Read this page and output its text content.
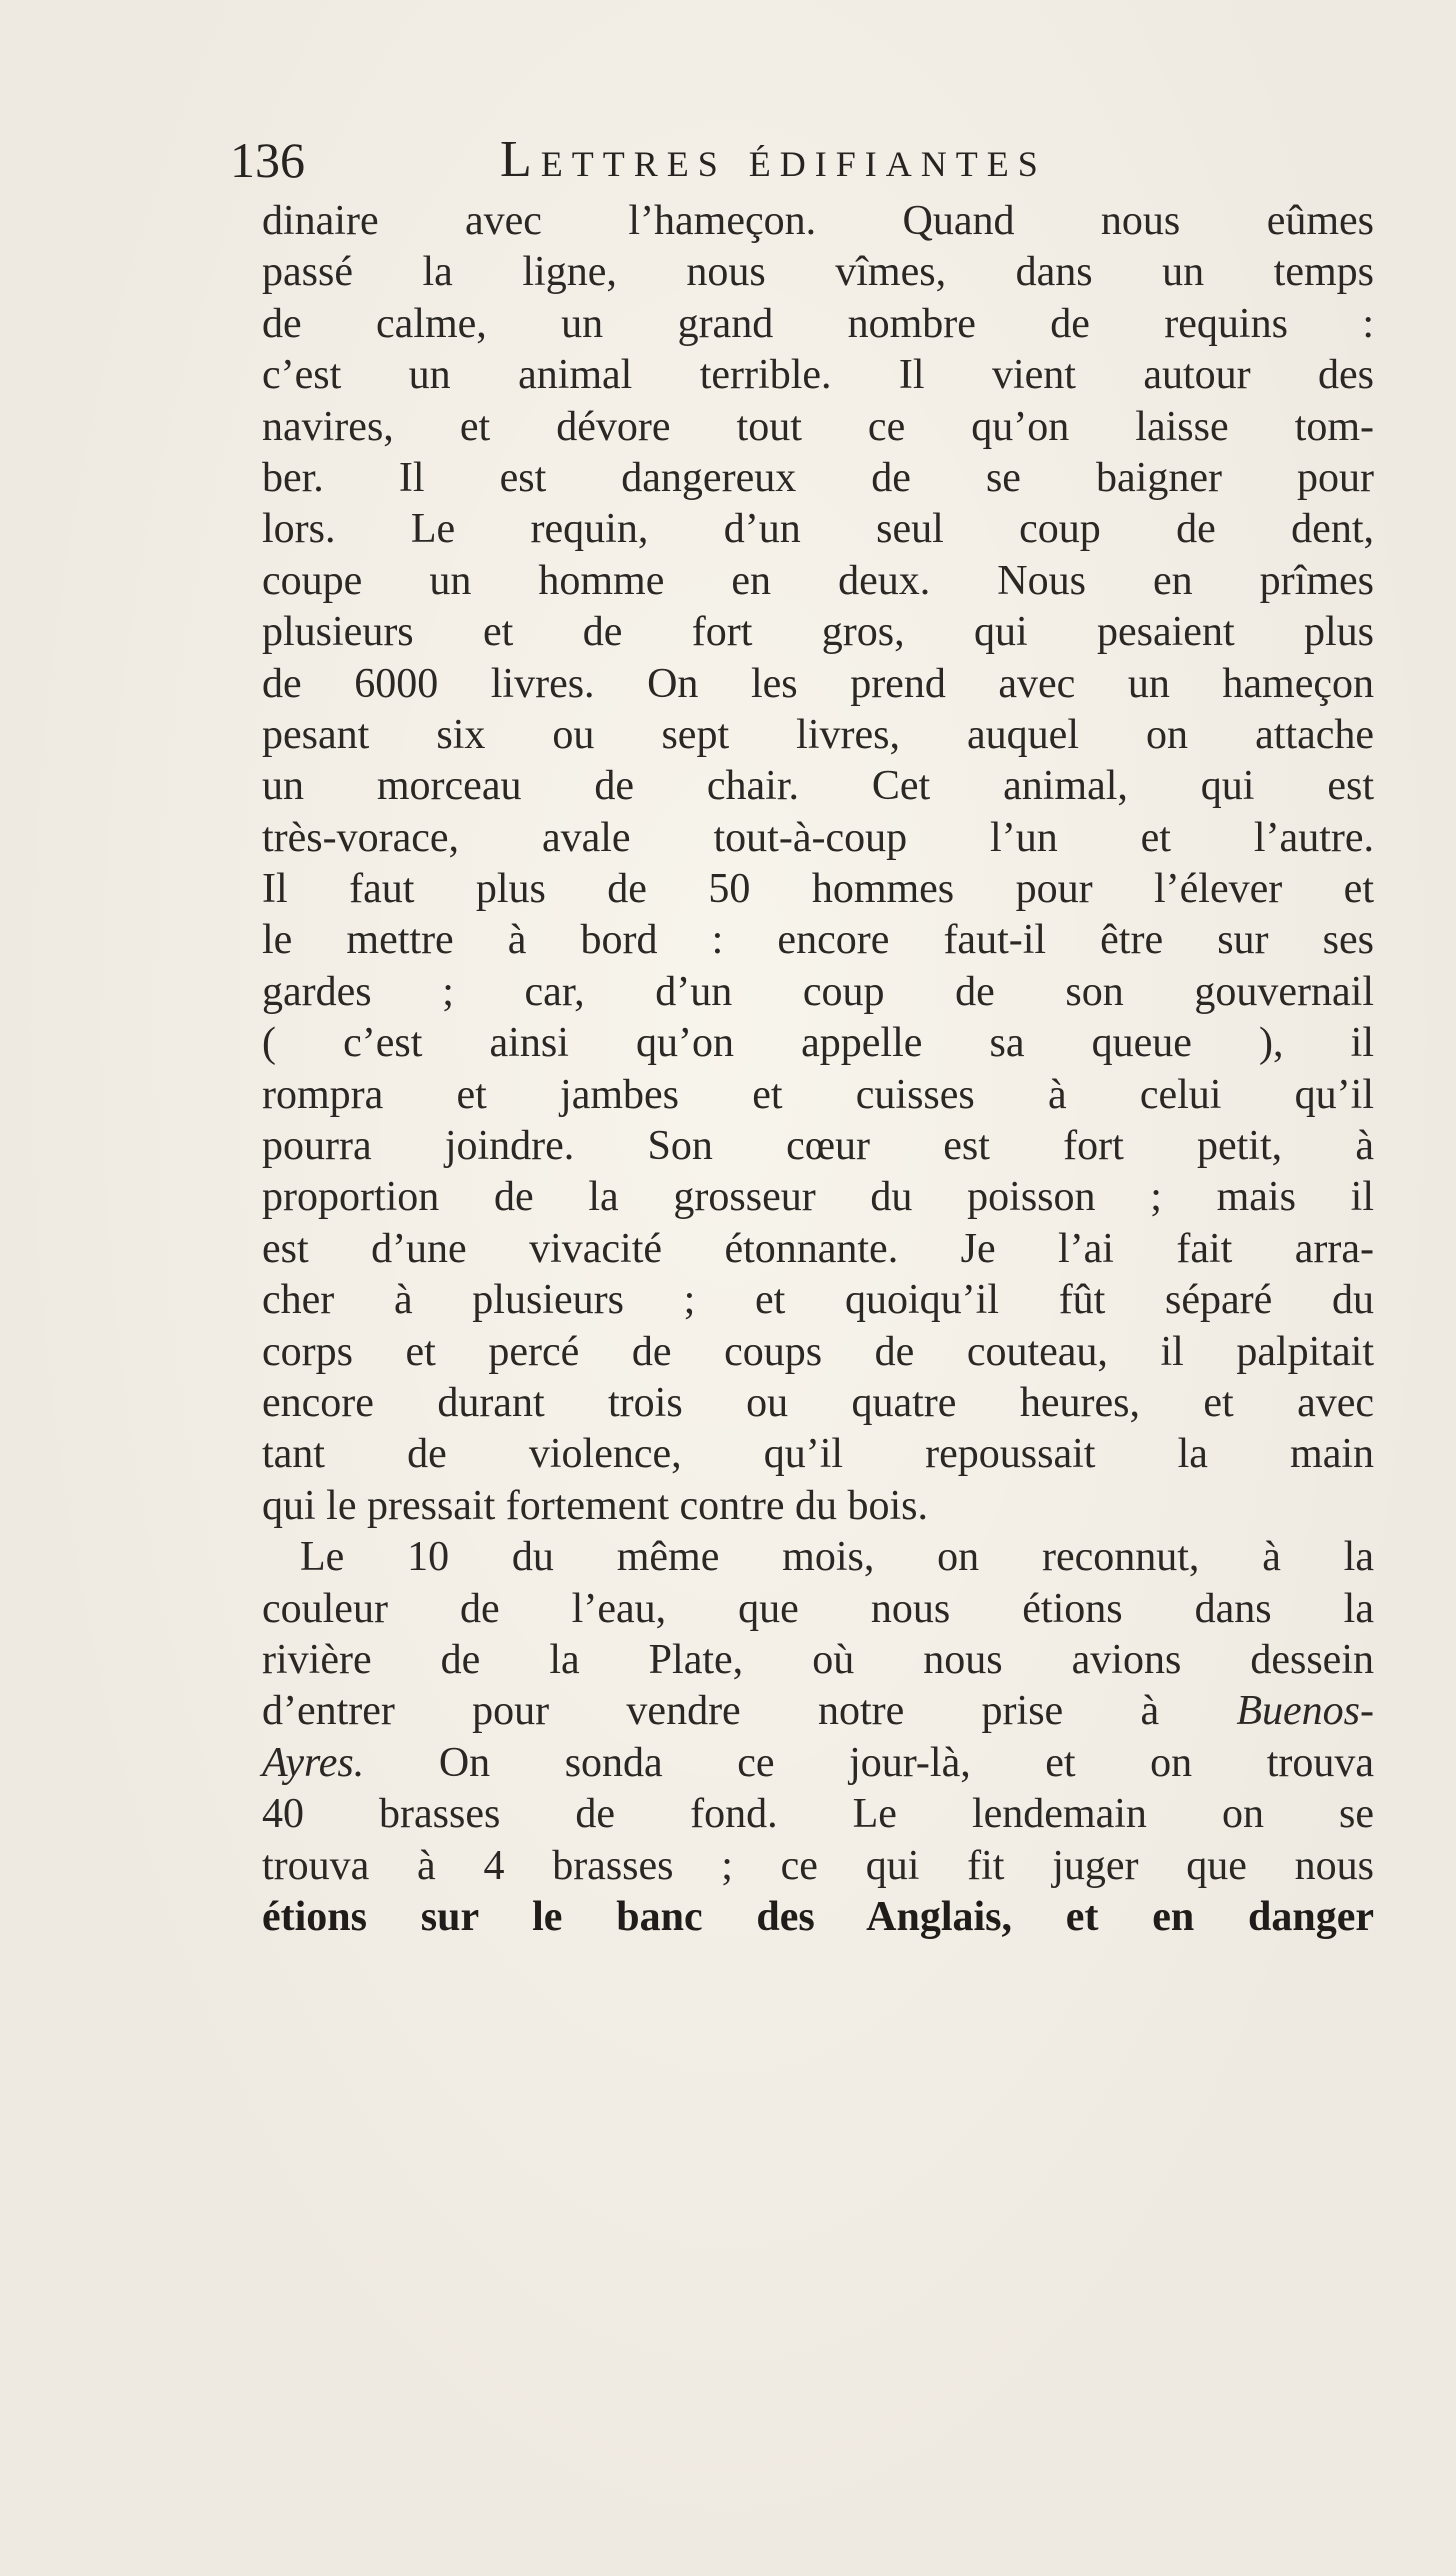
136	Lettres édifiantes
dinaire avec l’hameçon. Quand nous eûmes
passé la ligne, nous vîmes, dans un temps
de calme, un grand nombre de requins :
c’est un animal terrible. Il vient autour des
navires, et dévore tout ce qu’on laisse tom-
ber. Il est dangereux de se baigner pour
lors. Le requin, d’un seul coup de dent,
coupe un homme en deux. Nous en prîmes
plusieurs et de fort gros, qui pesaient plus
de 6000 livres. On les prend avec un hameçon
pesant six ou sept livres, auquel on attache
un morceau de chair. Cet animal, qui est
très-vorace, avale tout-à-coup l’un et l’autre.
Il faut plus de 50 hommes pour l’élever et
le mettre à bord : encore faut-il être sur ses
gardes ; car, d’un coup de son gouvernail
( c’est ainsi qu’on appelle sa queue ), il
rompra et jambes et cuisses à celui qu’il
pourra joindre. Son cœur est fort petit, à
proportion de la grosseur du poisson ; mais il
est d’une vivacité étonnante. Je l’ai fait arra-
cher à plusieurs ; et quoiqu’il fût séparé du
corps et percé de coups de couteau, il palpitait
encore durant trois ou quatre heures, et avec
tant de violence, qu’il repoussait la main
qui le pressait fortement contre du bois.
Le 10 du même mois, on reconnut, à la
couleur de l’eau, que nous étions dans la
rivière de la Plate, où nous avions dessein
d’entrer pour vendre notre prise à Buenos-
Ayres. On sonda ce jour-là, et on trouva
40 brasses de fond. Le lendemain on se
trouva à 4 brasses ; ce qui fit juger que nous
étions sur le banc des Anglais, et en danger
